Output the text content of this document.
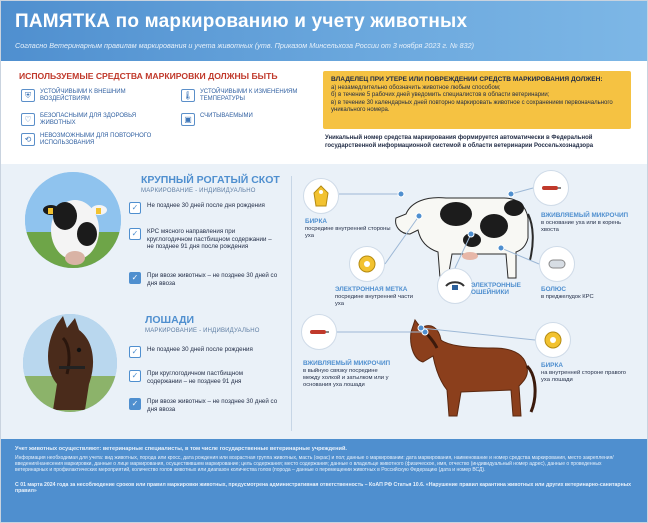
ПАМЯТКА по маркированию и учету животных
Согласно Ветеринарным правилам маркирования и учета животных (утв. Приказом Минсельхоза России от 3 ноября 2023 г. № 832)
ИСПОЛЬЗУЕМЫЕ СРЕДСТВА МАРКИРОВКИ ДОЛЖНЫ БЫТЬ
⛨	УСТОЙЧИВЫМИ К ВНЕШНИМ ВОЗДЕЙСТВИЯМ
♡	БЕЗОПАСНЫМИ ДЛЯ ЗДОРОВЬЯ ЖИВОТНЫХ
⟲	НЕВОЗМОЖНЫМИ ДЛЯ ПОВТОРНОГО ИСПОЛЬЗОВАНИЯ
🌡︎	УСТОЙЧИВЫМИ К ИЗМЕНЕНИЯМ ТЕМПЕРАТУРЫ
▣	СЧИТЫВАЕМЫМИ
ВЛАДЕЛЕЦ ПРИ УТЕРЕ ИЛИ ПОВРЕЖДЕНИИ СРЕДСТВ МАРКИРОВАНИЯ ДОЛЖЕН:
а) незамедлительно обозначить животное любым способом;
б) в течение 5 рабочих дней уведомить специалистов в области ветеринарии;
в) в течение 30 календарных дней повторно маркировать животное с сохранением первоначального уникального номера.
Уникальный номер средства маркирования формируется автоматически в Федеральной государственной информационной системой в области ветеринарии Россельхознадзора
КРУПНЫЙ РОГАТЫЙ СКОТ
МАРКИРОВАНИЕ - ИНДИВИДУАЛЬНО
✓	Не позднее 30 дней после дня рождения
✓	КРС мясного направления при круглогодичном пастбищном содержании – не позднее 91 дня после рождения
✓	При ввозе животных – не позднее 30 дней со дня ввоза
ЛОШАДИ
МАРКИРОВАНИЕ - ИНДИВИДУАЛЬНО
✓	Не позднее 30 дней после рождения
✓	При круглогодичном пастбищном содержании – не позднее 91 дня
✓	При ввозе животных – не позднее 30 дней со дня ввоза
БИРКА
посредине внутренней стороны уха
ВЖИВЛЯЕМЫЙ МИКРОЧИП
в основание уха или в корень хвоста
ЭЛЕКТРОННАЯ МЕТКА
посредине внутренней части уха
ЭЛЕКТРОННЫЕ ОШЕЙНИКИ	БОЛЮС
в преджелудок КРС
ВЖИВЛЯЕМЫЙ МИКРОЧИП
в выйную связку посредине между холкой и затылком или у основания уха лошади
БИРКА
на внутренней стороне правого уха лошади
Учет животных осуществляют: ветеринарные специалисты, в том числе государственные ветеринарные учреждений.
Информация необходимая для учета: вид животных, порода или кросс, дата рождения или возрастная группа животных, масть (окрас) и пол; данные о маркировании: дата маркирования, наименование и номер средства маркирования, место закрепления/введения/нанесения маркировки, данные о лице маркирования, осуществившем маркирование; цель содержания; место содержания; данные о владельце животного (физическое, имя, отчество (индивидуальный номер адрес), данные о проведенных ветеринарных и профилактических мероприятий, количество голов животных или диапазон количества голов (порода – данные о перемещении животных в Российскую Федерацию (дата и номер ВСД).
С 01 марта 2024 года за несоблюдение сроков или правил маркировки животных, предусмотрена административная ответственность – КоАП РФ Статья 10.6. «Нарушение правил карантина животных или других ветеринарно-санитарных правил»
